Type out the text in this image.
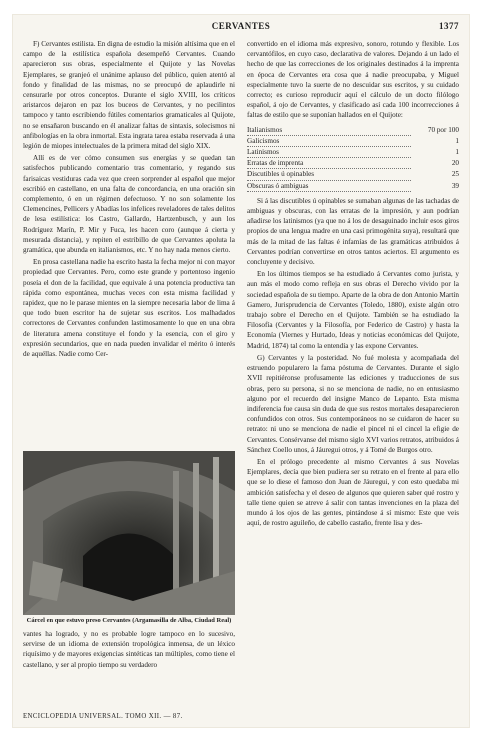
CERVANTES	1377

F) Cervantes estilista. En digna de estudio la misión altísima que en el campo de la estilística española desempeñó Cervantes. Cuando aparecieron sus obras, especialmente el Quijote y las Novelas Ejemplares, se granjeó el unánime aplauso del público, quien atentó al fondo y finalidad de las mismas, no se preocupó de aplaudirle ni censurarle por otros conceptos. Durante el siglo XVIII, los críticos aristarcos dejaron en paz los buceos de Cervantes, y no pecilintos tampoco y tanto escribiendo fútiles comentarios gramaticales al Quijote, no se ensañaron buscando en él analizar faltas de sintaxis, solecismos ni anfibologías en la obra inmortal. Esta ingrata tarea estaba reservada á una legión de miopes intelectuales de la primera mitad del siglo XIX.

Allí es de ver cómo consumen sus energías y se quedan tan satisfechos publicando comentario tras comentario, y regando sus farisaicas vestiduras cada vez que creen sorprender al español que mejor escribió en castellano, en una falta de concordancia, en una oración sin complemento, ó en un régimen defectuoso. Y no son solamente los Clemencines, Pellicers y Abadías los infelices reveladores de tales delitos de lesa estilística: los Castro, Gallardo, Hartzenbusch, y aun los Rodríguez Marín, P. Mir y Fuca, les hacen coro (aunque á cierta y mesurada distancia), y repiten el estribillo de que Cervantes apoluta la gramática, que abunda en italianismos, etc. Y no hay nada menos cierto.

En prosa castellana nadie ha escrito hasta la fecha mejor ni con mayor propiedad que Cervantes. Pero, como este grande y portentoso ingenio poseía el don de la facilidad, que equivale á una potencia productiva tan rápida como espontánea, muchas veces con esta misma facilidad y rapidez, que no le parase mientes en la siempre necesaria labor de lima á que todo buen escritor ha de sujetar sus escritos. Los malhadados correctores de Cervantes confunden lastimosamente lo que en una obra de literatura amena constituye el fondo y la esencia, con el giro y expresión secundarios, que en nada pueden invalidar el mérito ó interés de aquéllas. Nadie como Cer-

Cárcel en que estuvo preso Cervantes (Argamasilla de Alba, Ciudad Real)

vantes ha logrado, y no es probable logre tampoco en lo sucesivo, servirse de un idioma de extensión tropológica inmensa, de un léxico riquísimo y de mayores exigencias sintéticas tan múltiples, como tiene el castellano, y ser al propio tiempo su verdadero

convertido en el idioma más expresivo, sonoro, rotundo y flexible. Los cervantófilos, en cuyo caso, declarativa de valores. Dejando á un lado el hecho de que las correcciones de los originales destinados á la imprenta en época de Cervantes era cosa que á nadie preocupaba, y Miguel especialmente tuvo la suerte de no descuidar sus escritos, y su cuidado correcto; es curioso reproducir aquí el cálculo de un docto filólogo español, á ojo de Cervantes, y clasificado así cada 100 incorrecciones á faltas de estilo que se suponían hallados en el Quijote:

Italianismos	70 por 100
Galicismos	1
Latinismos	1
Erratas de imprenta	20
Discutibles ú opinables	25
Obscuras ó ambiguas	39

Si á las discutibles ú opinables se sumaban algunas de las tachadas de ambiguas y obscuras, con las erratas de la impresión, y aun podrían añadirse los latinismos (ya que no á los de desaguinado incluir esos giros propios de una lengua madre en una casi primogénita suya), resultará que más de la mitad de las faltas é infamías de las gramáticas atribuidos á Cervantes podrían convertirse en otros tantos aciertos. El argumento es concluyente y decisivo.

En los últimos tiempos se ha estudiado á Cervantes como jurista, y aun más el modo como refleja en sus obras el Derecho vivido por la sociedad española de su tiempo. Aparte de la obra de don Antonio Martín Gamero, Jurisprudencia de Cervantes (Toledo, 1880), existe algún otro trabajo sobre el Derecho en el Quijote. También se ha estudiado la Filosofía (Cervantes y la Filosofía, por Federico de Castro) y hasta la Economía (Viernes y Hurtado, Ideas y noticias económicas del Quijote, Madrid, 1874) tal como la entendía y las expone Cervantes.

G) Cervantes y la posteridad. No fué molesta y acompañada del estruendo popularero la fama póstuma de Cervantes. Durante el siglo XVII repitiéronse profusamente las ediciones y traducciones de sus obras, pero su persona, si no se menciona de nadie, no en entusiasmo alguno por el recuerdo del insigne Manco de Lepanto. Esta misma indiferencia fue causa sin duda de que sus restos mortales desaparecieron confundidos con otros. Sus contemporáneos no se cuidaron de hacer su retrato: ni uno se menciona de nadie el pincel ni el cincel la efigie de Cervantes. Consérvanse del mismo siglo XVI varios retratos, atribuidos á Sánchez Coello unos, á Jáuregui otros, y á Tomé de Burgos otro.

En el prólogo precedente al mismo Cervantes á sus Novelas Ejemplares, decía que bien pudiera ser su retrato en el frente al para ello que se lo diese el famoso don Juan de Jáuregui, y con esto quedaba mi ambición satisfecha y el deseo de algunos que quieren saber qué rostro y talle tiene quien se atreve á salir con tantas invenciones en la plaza del mundo á los ojos de las gentes, pintándose á sí mismo: Este que veis aquí, de rostro aguileño, de cabello castaño, frente lisa y des-

ENCICLOPEDIA UNIVERSAL. TOMO XII. — 87.
